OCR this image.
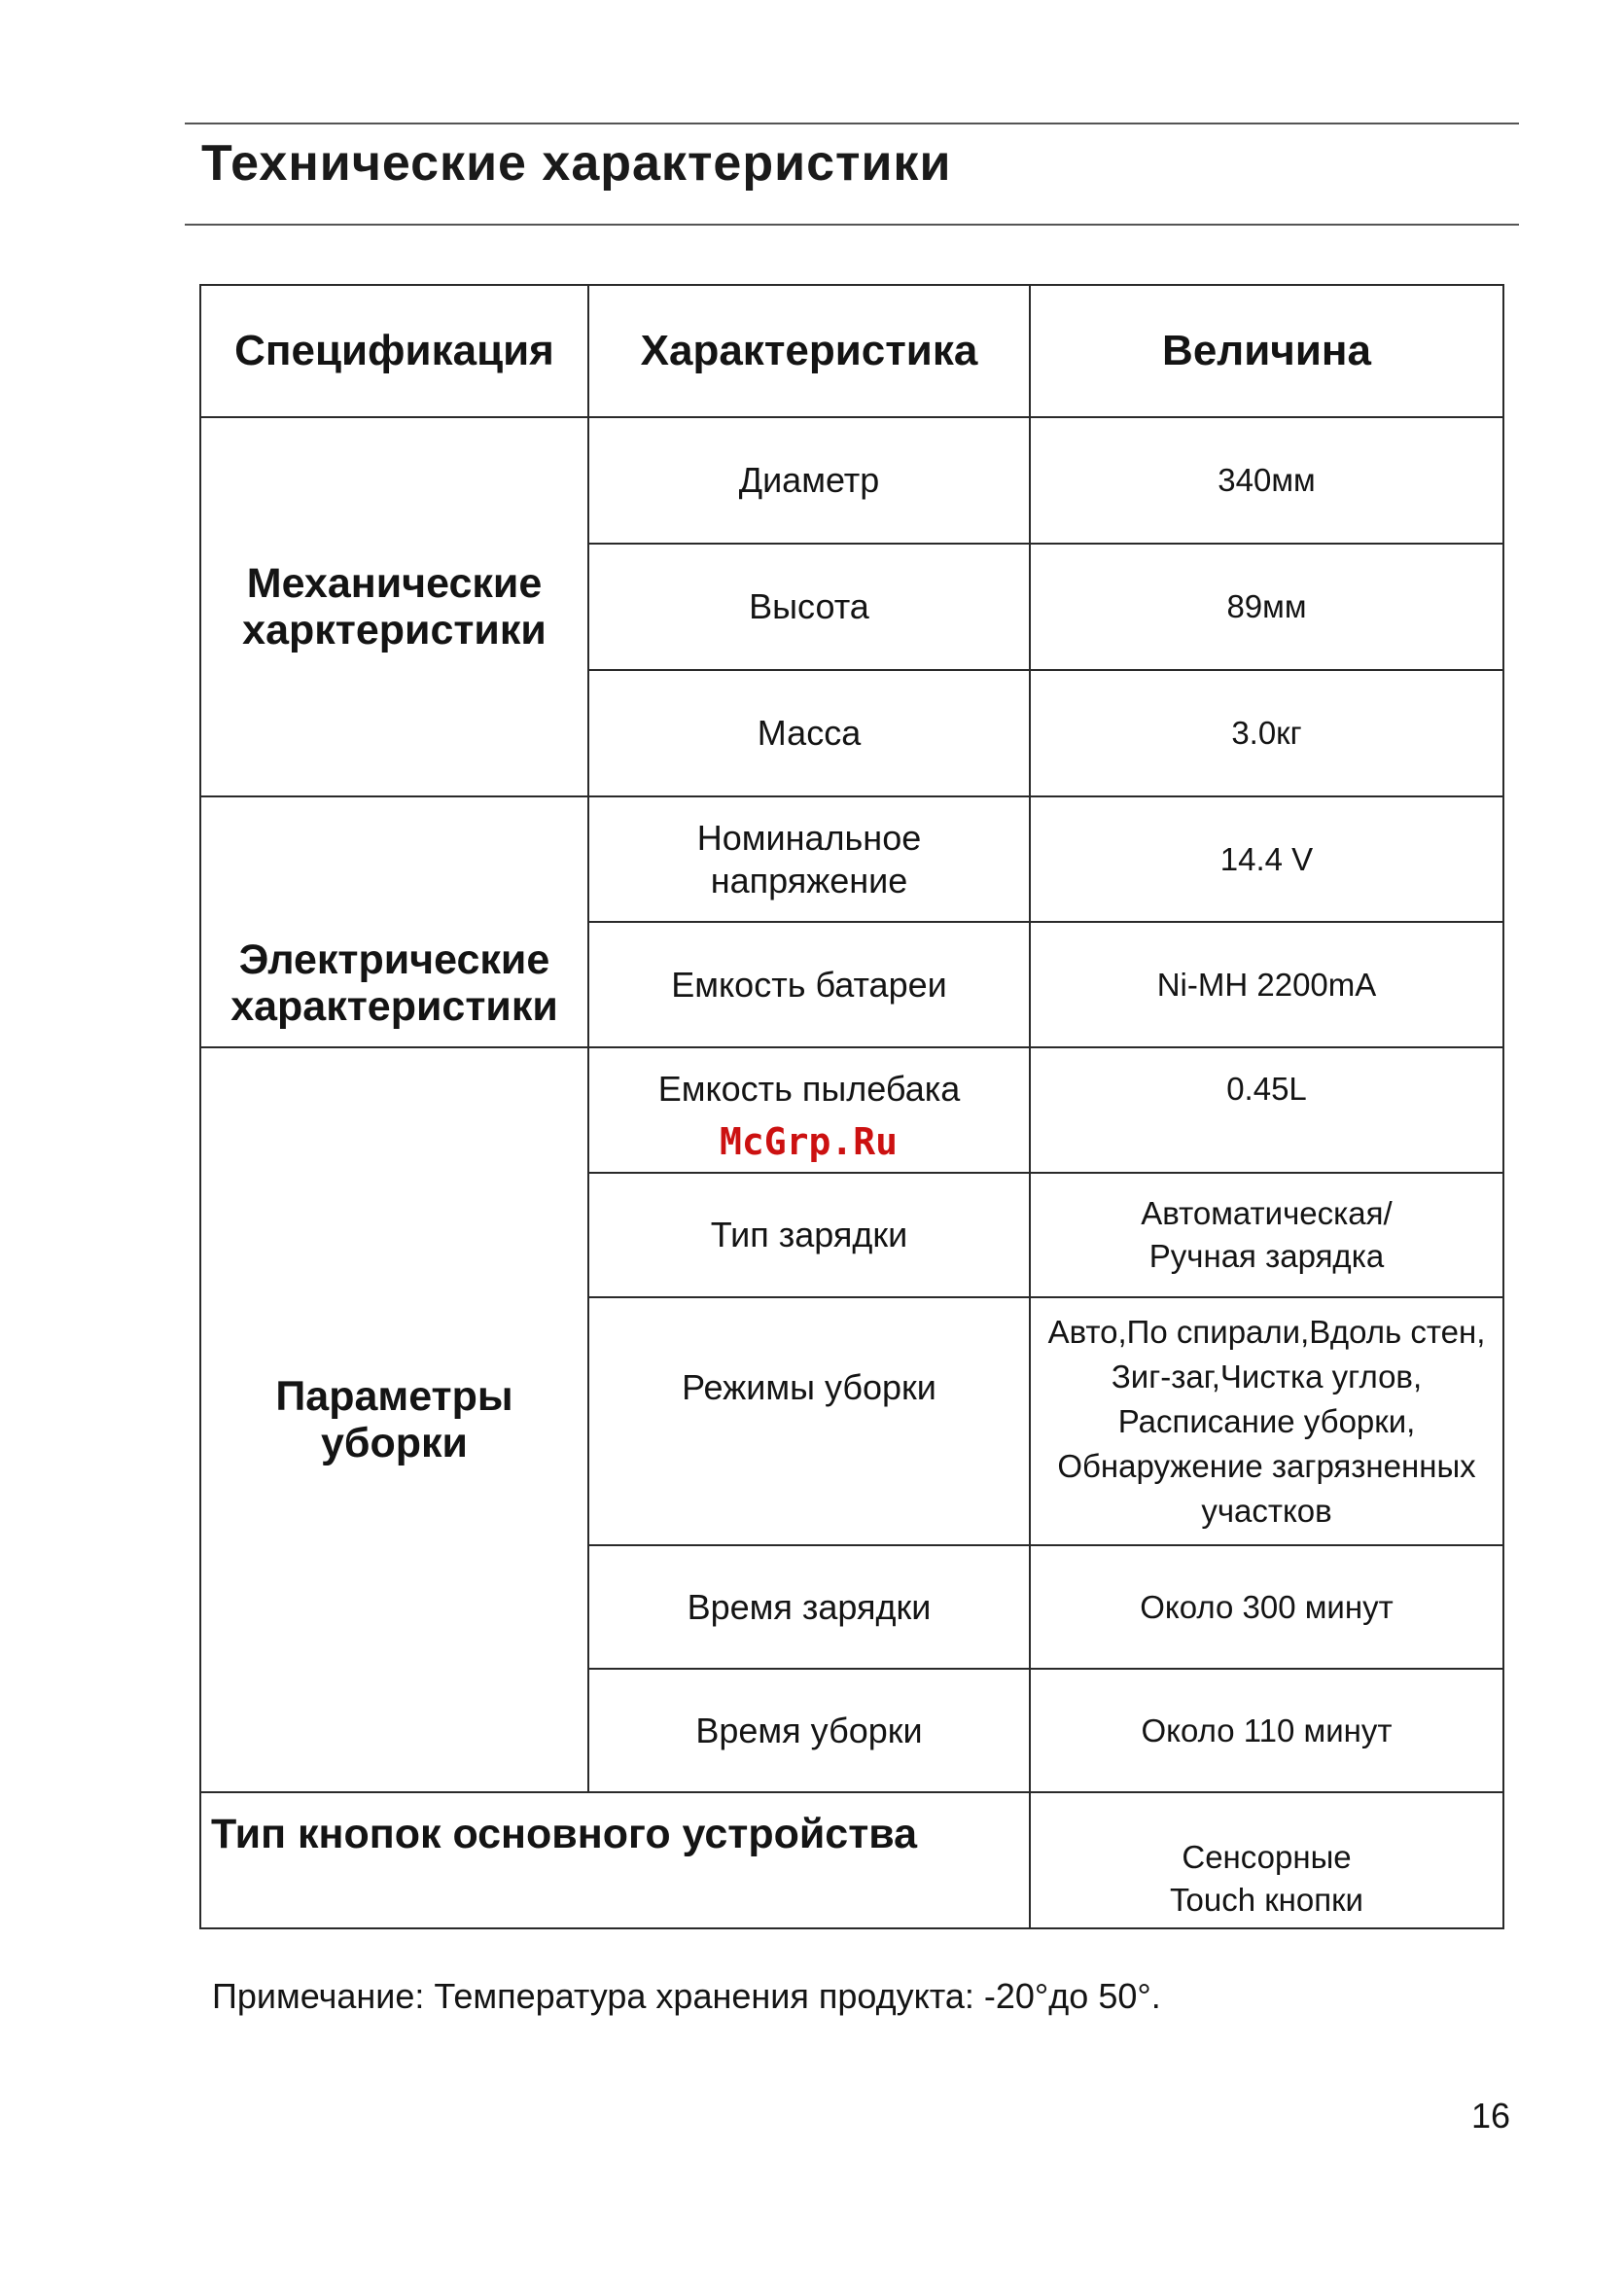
Технические характеристики
Спецификация	Характеристика	Величина
Механические харктеристики	Диаметр	340мм
	Высота	89мм
	Масса	3.0кг
Электрические характеристики	Номинальное напряжение	14.4 V
	Емкость батареи	Ni-MH 2200mA
Параметры уборки	Емкость пылебака	0.45L
	Тип зарядки	Автоматическая/ Ручная зарядка
	Режимы уборки	Авто,По спирали,Вдоль стен, Зиг-заг,Чистка углов, Расписание уборки, Обнаружение загрязненных участков
	Время зарядки	Около 300 минут
	Время уборки	Около 110 минут
Тип кнопок основного устройства		Сенсорные Touch кнопки
McGrp.Ru
Примечание: Температура хранения продукта: -20°до 50°.
16
